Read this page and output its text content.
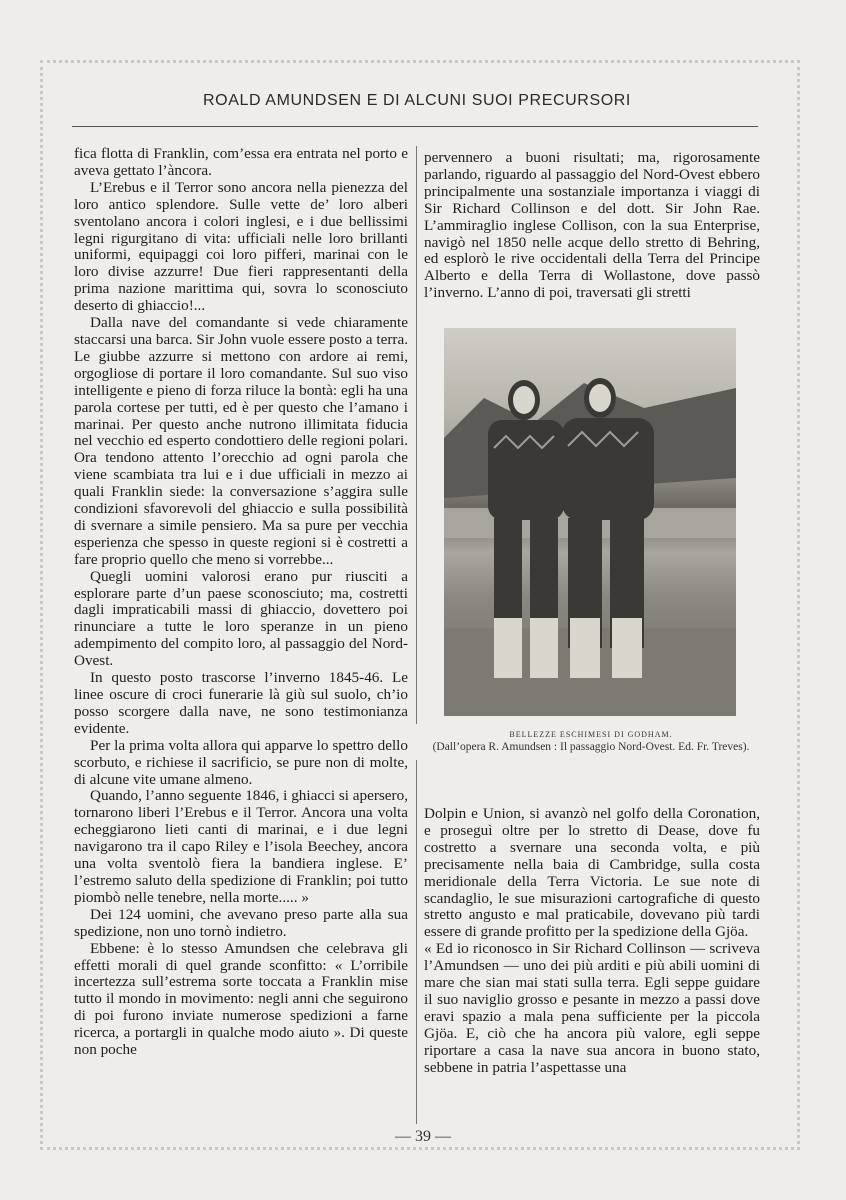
ROALD AMUNDSEN E DI ALCUNI SUOI PRECURSORI

fica flotta di Franklin, com’essa era entrata nel porto e aveva gettato l’àncora.

L’Erebus e il Terror sono ancora nella pienezza del loro antico splendore. Sulle vette de’ loro alberi sventolano ancora i colori inglesi, e i due bellissimi legni rigurgitano di vita: ufficiali nelle loro brillanti uniformi, equipaggi coi loro pifferi, marinai con le loro divise azzurre! Due fieri rappresentanti della prima nazione marittima qui, sovra lo sconosciuto deserto di ghiaccio!...

Dalla nave del comandante si vede chiaramente staccarsi una barca. Sir John vuole essere posto a terra. Le giubbe azzurre si mettono con ardore ai remi, orgogliose di portare il loro comandante. Sul suo viso intelligente e pieno di forza riluce la bontà: egli ha una parola cortese per tutti, ed è per questo che l’amano i marinai. Per questo anche nutrono illimitata fiducia nel vecchio ed esperto condottiero delle regioni polari. Ora tendono attento l’orecchio ad ogni parola che viene scambiata tra lui e i due ufficiali in mezzo ai quali Franklin siede: la conversazione s’aggira sulle condizioni sfavorevoli del ghiaccio e sulla possibilità di svernare a simile pensiero. Ma sa pure per vecchia esperienza che spesso in queste regioni si è costretti a fare proprio quello che meno si vorrebbe...

Quegli uomini valorosi erano pur riusciti a esplorare parte d’un paese sconosciuto; ma, costretti dagli impraticabili massi di ghiaccio, dovettero poi rinunciare a tutte le loro speranze in un pieno adempimento del compito loro, al passaggio del Nord-Ovest.

In questo posto trascorse l’inverno 1845-46. Le linee oscure di croci funerarie là giù sul suolo, ch’io posso scorgere dalla nave, ne sono testimonianza evidente.

Per la prima volta allora qui apparve lo spettro dello scorbuto, e richiese il sacrificio, se pure non di molte, di alcune vite umane almeno.

Quando, l’anno seguente 1846, i ghiacci si apersero, tornarono liberi l’Erebus e il Terror. Ancora una volta echeggiarono lieti canti di marinai, e i due legni navigarono tra il capo Riley e l’isola Beechey, ancora una volta sventolò fiera la bandiera inglese. E’ l’estremo saluto della spedizione di Franklin; poi tutto piombò nelle tenebre, nella morte..... »

Dei 124 uomini, che avevano preso parte alla sua spedizione, non uno tornò indietro.

Ebbene: è lo stesso Amundsen che celebrava gli effetti morali di quel grande sconfitto: « L’orribile incertezza sull’estrema sorte toccata a Franklin mise tutto il mondo in movimento: negli anni che seguirono di poi furono inviate numerose spedizioni a farne ricerca, a portargli in qualche modo aiuto ». Di queste non poche

pervennero a buoni risultati; ma, rigorosamente parlando, riguardo al passaggio del Nord-Ovest ebbero principalmente una sostanziale importanza i viaggi di Sir Richard Collinson e del dott. Sir John Rae. L’ammiraglio inglese Collison, con la sua Enterprise, navigò nel 1850 nelle acque dello stretto di Behring, ed esplorò le rive occidentali della Terra del Principe Alberto e della Terra di Wollastone, dove passò l’inverno. L’anno di poi, traversati gli stretti

BELLEZZE ESCHIMESI DI GODHAM.
(Dall’opera R. Amundsen : Il passaggio Nord-Ovest. Ed. Fr. Treves).

Dolpin e Union, si avanzò nel golfo della Coronation, e proseguì oltre per lo stretto di Dease, dove fu costretto a svernare una seconda volta, e più precisamente nella baia di Cambridge, sulla costa meridionale della Terra Victoria. Le sue note di scandaglio, le sue misurazioni cartografiche di questo stretto angusto e mal praticabile, dovevano più tardi essere di grande profitto per la spedizione della Gjöa.

« Ed io riconosco in Sir Richard Collinson — scriveva l’Amundsen — uno dei più arditi e più abili uomini di mare che sian mai stati sulla terra. Egli seppe guidare il suo naviglio grosso e pesante in mezzo a passi dove eravi spazio a mala pena sufficiente per la piccola Gjöa. E, ciò che ha ancora più valore, egli seppe riportare a casa la nave sua ancora in buono stato, sebbene in patria l’aspettasse una

— 39 —
